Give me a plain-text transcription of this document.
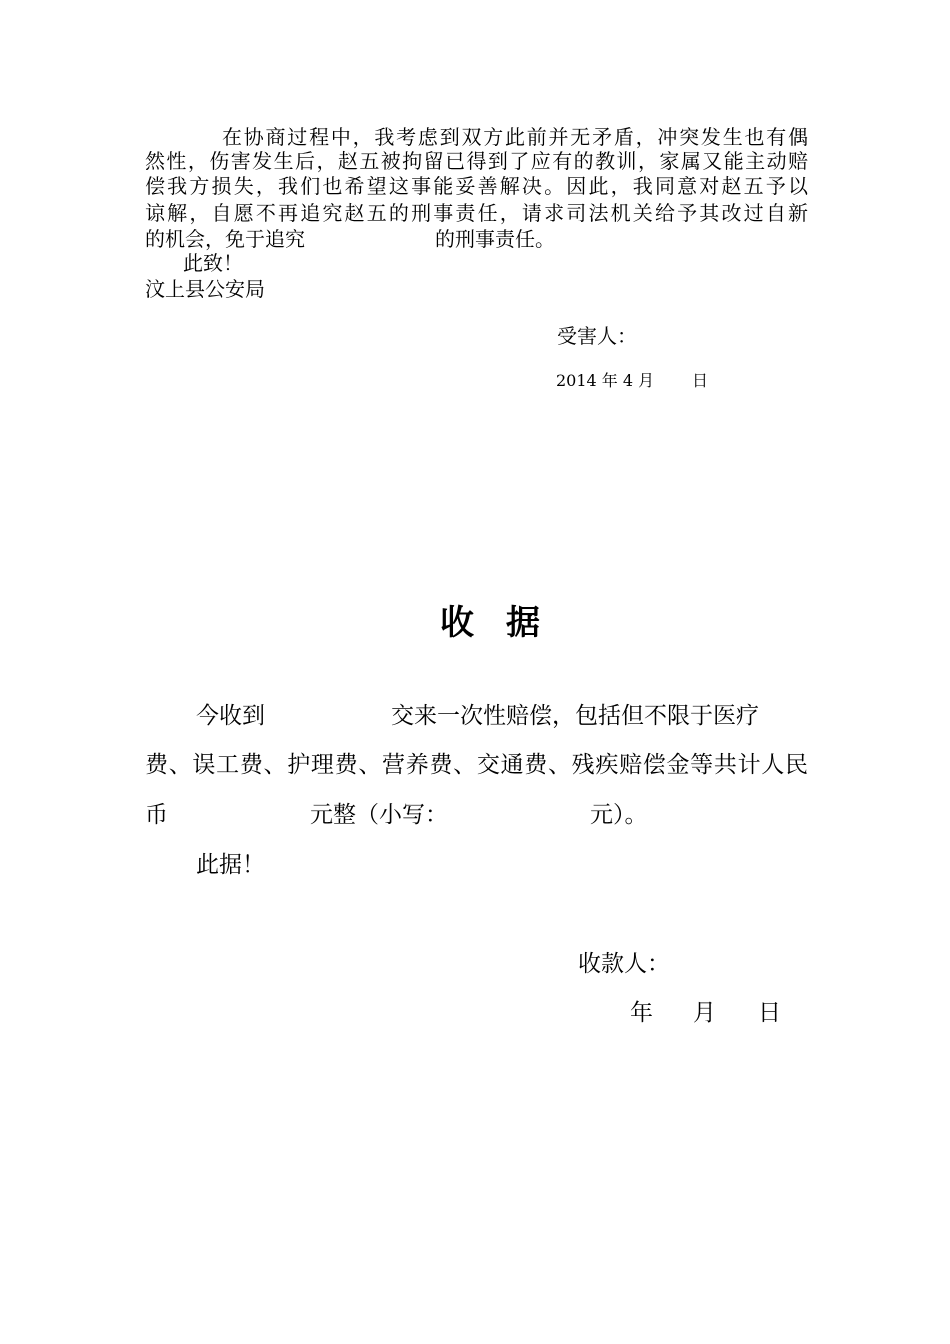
在协商过程中，我考虑到双方此前并无矛盾，冲突发生也有偶
然性，伤害发生后，赵五被拘留已得到了应有的教训，家属又能主动赔
偿我方损失，我们也希望这事能妥善解决。因此，我同意对赵五予以
谅解，自愿不再追究赵五的刑事责任，请求司法机关给予其改过自新
的机会，免于追究	的刑事责任。
此致！
汶上县公安局
受害人：
2014 年 4 月 日
收 据
今收到	交来一次性赔偿，包括但不限于医疗
费、误工费、护理费、营养费、交通费、残疾赔偿金等共计人民
币	元整（小写：	元）。
此据！
收款人：
年 月 日
